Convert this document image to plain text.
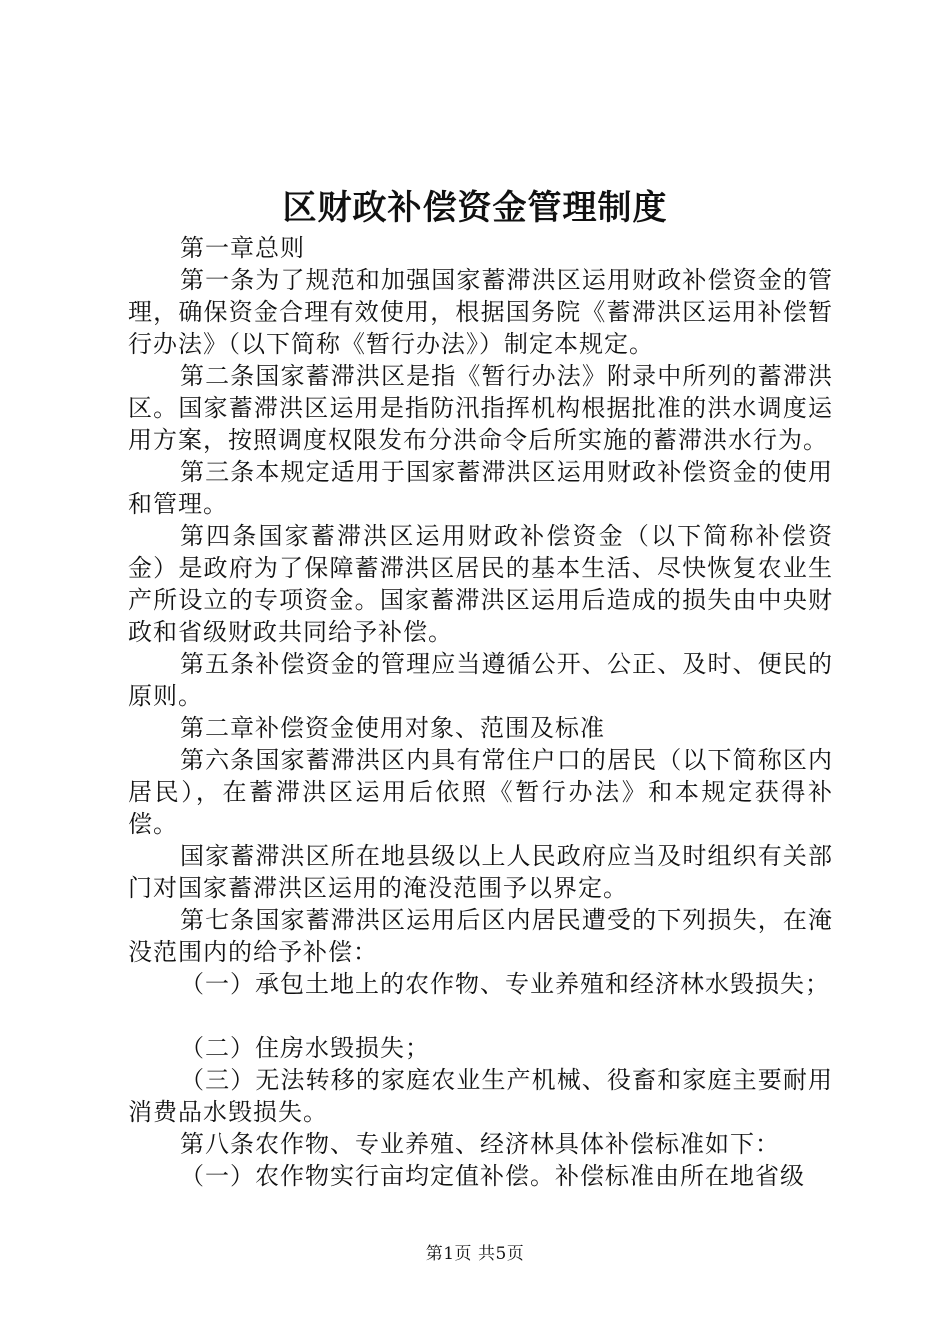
区财政补偿资金管理制度

第一章总则

第一条为了规范和加强国家蓄滞洪区运用财政补偿资金的管理，确保资金合理有效使用，根据国务院《蓄滞洪区运用补偿暂行办法》（以下简称《暂行办法》）制定本规定。

第二条国家蓄滞洪区是指《暂行办法》附录中所列的蓄滞洪区。国家蓄滞洪区运用是指防汛指挥机构根据批准的洪水调度运用方案，按照调度权限发布分洪命令后所实施的蓄滞洪水行为。

第三条本规定适用于国家蓄滞洪区运用财政补偿资金的使用和管理。

第四条国家蓄滞洪区运用财政补偿资金（以下简称补偿资金）是政府为了保障蓄滞洪区居民的基本生活、尽快恢复农业生产所设立的专项资金。国家蓄滞洪区运用后造成的损失由中央财政和省级财政共同给予补偿。

第五条补偿资金的管理应当遵循公开、公正、及时、便民的原则。

第二章补偿资金使用对象、范围及标准

第六条国家蓄滞洪区内具有常住户口的居民（以下简称区内居民），在蓄滞洪区运用后依照《暂行办法》和本规定获得补偿。

国家蓄滞洪区所在地县级以上人民政府应当及时组织有关部门对国家蓄滞洪区运用的淹没范围予以界定。

第七条国家蓄滞洪区运用后区内居民遭受的下列损失，在淹没范围内的给予补偿：

（一）承包土地上的农作物、专业养殖和经济林水毁损失；

（二）住房水毁损失；

（三）无法转移的家庭农业生产机械、役畜和家庭主要耐用消费品水毁损失。

第八条农作物、专业养殖、经济林具体补偿标准如下：

（一）农作物实行亩均定值补偿。补偿标准由所在地省级

第1页 共5页
